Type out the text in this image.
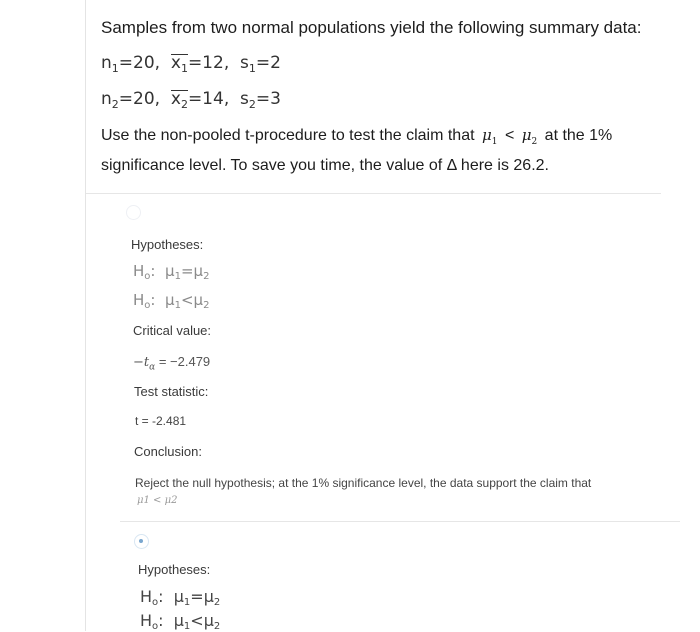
Samples from two normal populations yield the following summary data:
$n_1=20$, $x_1=12$, $s_1=2$
$n_2=20$, $x_2=14$, $s_2=3$
Use the non-pooled t-procedure to test the claim that $\mu_1 < \mu_2$ at the 1%
significance level. To save you time, the value of Δ here is 26.2.
Hypotheses:
$H_o$: $\mu_1=\mu_2$
$H_o$: $\mu_1<\mu_2$
Critical value:
$-t_\alpha = -2.479$
Test statistic:
t = -2.481
Conclusion:
Reject the null hypothesis; at the 1% significance level, the data support the claim that
μ1 < μ2
Hypotheses:
Ho: μ1=μ2
Ho: μ1<μ2
